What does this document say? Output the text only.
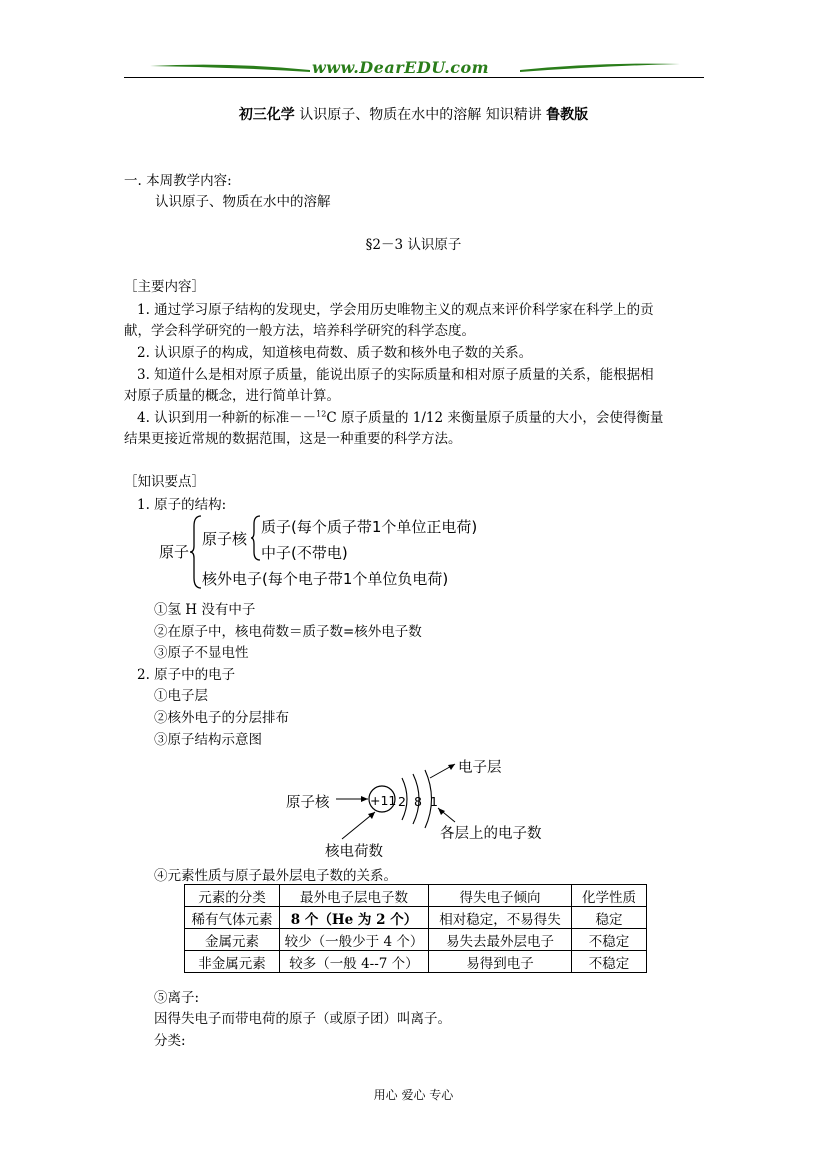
www.DearEDU.com
初三化学 认识原子、物质在水中的溶解 知识精讲 鲁教版
一. 本周教学内容:
认识原子、物质在水中的溶解
§2－3 认识原子
［主要内容］
1. 通过学习原子结构的发现史，学会用历史唯物主义的观点来评价科学家在科学上的贡
献，学会科学研究的一般方法，培养科学研究的科学态度。
2. 认识原子的构成，知道核电荷数、质子数和核外电子数的关系。
3. 知道什么是相对原子质量，能说出原子的实际质量和相对原子质量的关系，能根据相
对原子质量的概念，进行简单计算。
4. 认识到用一种新的标准－－$^{12}$C 原子质量的 1/12 来衡量原子质量的大小，会使得衡量
结果更接近常规的数据范围，这是一种重要的科学方法。
［知识要点］
1. 原子的结构:
原子
原子核
质子(每个质子带1个单位正电荷)
中子(不带电)
核外电子(每个电子带1个单位负电荷)
①氢 H 没有中子
②在原子中，核电荷数＝质子数=核外电子数
③原子不显电性
2. 原子中的电子
①电子层
②核外电子的分层排布
③原子结构示意图
原子核	+11 2 8 1
电子层
各层上的电子数
核电荷数
④元素性质与原子最外层电子数的关系。
元素的分类	最外电子层电子数	得失电子倾向	化学性质
稀有气体元素	8 个（He 为 2 个）	相对稳定，不易得失	稳定
金属元素	较少（一般少于 4 个）	易失去最外层电子	不稳定
非金属元素	较多（一般 4--7 个）	易得到电子	不稳定
⑤离子:
因得失电子而带电荷的原子（或原子团）叫离子。
分类:
用心 爱心 专心
